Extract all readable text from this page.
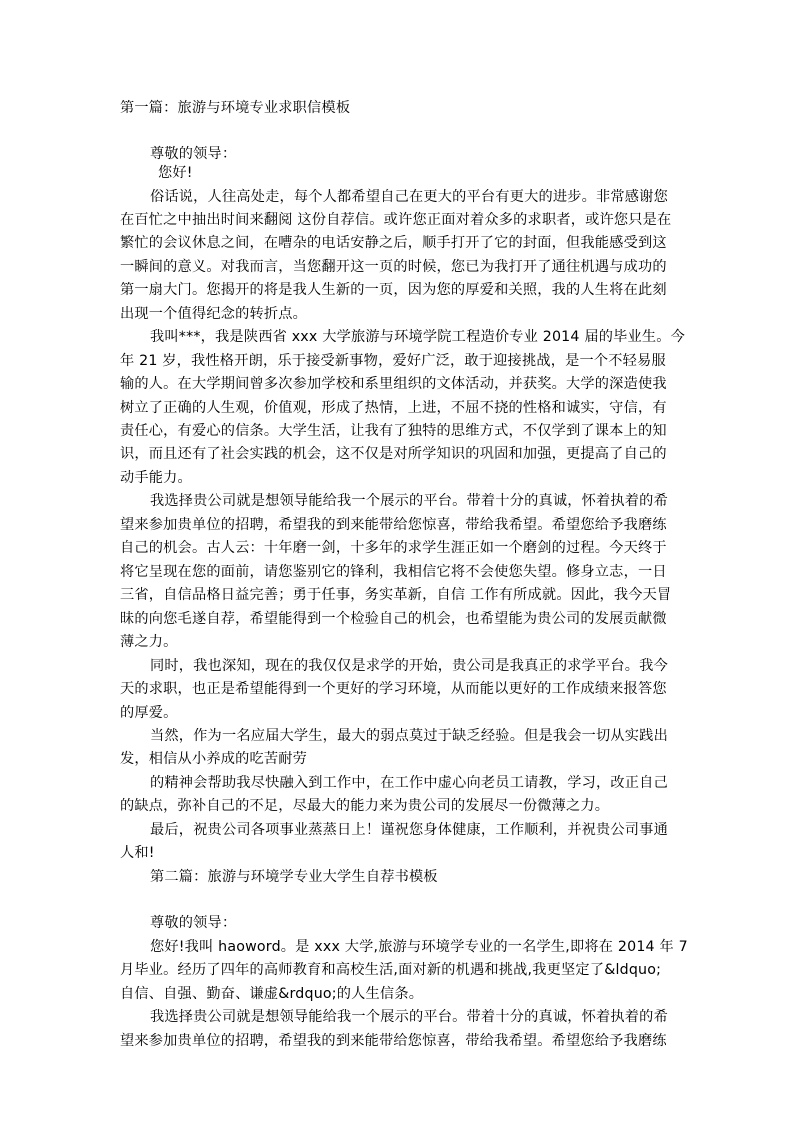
第一篇：旅游与环境专业求职信模板
尊敬的领导：
您好!
俗话说，人往高处走，每个人都希望自己在更大的平台有更大的进步。非常感谢您
在百忙之中抽出时间来翻阅 这份自荐信。或许您正面对着众多的求职者，或许您只是在
繁忙的会议休息之间，在嘈杂的电话安静之后，顺手打开了它的封面，但我能感受到这
一瞬间的意义。对我而言，当您翻开这一页的时候，您已为我打开了通往机遇与成功的
第一扇大门。您揭开的将是我人生新的一页，因为您的厚爱和关照，我的人生将在此刻
出现一个值得纪念的转折点。
我叫***，我是陕西省 xxx 大学旅游与环境学院工程造价专业 2014 届的毕业生。今
年 21 岁，我性格开朗，乐于接受新事物，爱好广泛，敢于迎接挑战，是一个不轻易服
输的人。在大学期间曾多次参加学校和系里组织的文体活动，并获奖。大学的深造使我
树立了正确的人生观，价值观，形成了热情，上进，不屈不挠的性格和诚实，守信，有
责任心，有爱心的信条。大学生活，让我有了独特的思维方式，不仅学到了课本上的知
识，而且还有了社会实践的机会，这不仅是对所学知识的巩固和加强，更提高了自己的
动手能力。
我选择贵公司就是想领导能给我一个展示的平台。带着十分的真诚，怀着执着的希
望来参加贵单位的招聘，希望我的到来能带给您惊喜，带给我希望。希望您给予我磨练
自己的机会。古人云：十年磨一剑，十多年的求学生涯正如一个磨剑的过程。今天终于
将它呈现在您的面前，请您鉴别它的锋利，我相信它将不会使您失望。修身立志，一日
三省，自信品格日益完善；勇于任事，务实革新，自信 工作有所成就。因此，我今天冒
昧的向您毛遂自荐，希望能得到一个检验自己的机会，也希望能为贵公司的发展贡献微
薄之力。
同时，我也深知，现在的我仅仅是求学的开始，贵公司是我真正的求学平台。我今
天的求职，也正是希望能得到一个更好的学习环境，从而能以更好的工作成绩来报答您
的厚爱。
当然，作为一名应届大学生，最大的弱点莫过于缺乏经验。但是我会一切从实践出
发，相信从小养成的吃苦耐劳
的精神会帮助我尽快融入到工作中，在工作中虚心向老员工请教，学习，改正自己
的缺点，弥补自己的不足，尽最大的能力来为贵公司的发展尽一份微薄之力。
最后，祝贵公司各项事业蒸蒸日上！谨祝您身体健康，工作顺利，并祝贵公司事通
人和!
第二篇：旅游与环境学专业大学生自荐书模板
尊敬的领导：
您好!我叫 haoword。是 xxx 大学,旅游与环境学专业的一名学生,即将在 2014 年 7
月毕业。经历了四年的高师教育和高校生活,面对新的机遇和挑战,我更坚定了&ldquo;
自信、自强、勤奋、谦虚&rdquo;的人生信条。
我选择贵公司就是想领导能给我一个展示的平台。带着十分的真诚，怀着执着的希
望来参加贵单位的招聘，希望我的到来能带给您惊喜，带给我希望。希望您给予我磨练
